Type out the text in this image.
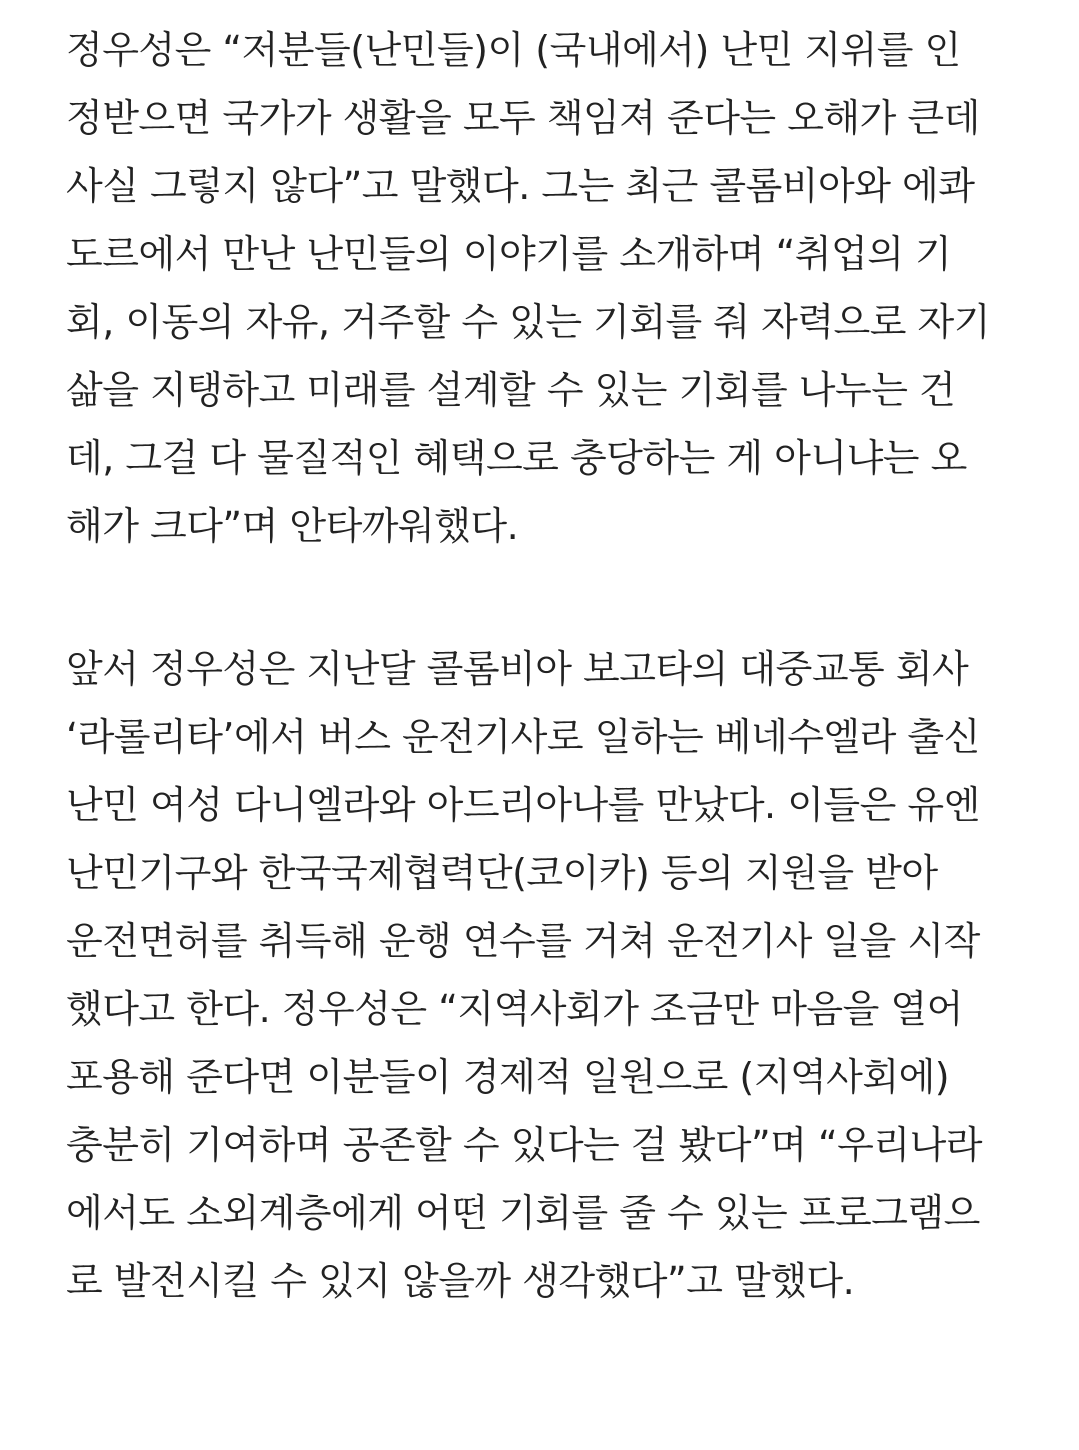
정우성은 “저분들(난민들)이 (국내에서) 난민 지위를 인
정받으면 국가가 생활을 모두 책임져 준다는 오해가 큰데
사실 그렇지 않다”고 말했다. 그는 최근 콜롬비아와 에콰
도르에서 만난 난민들의 이야기를 소개하며 “취업의 기
회, 이동의 자유, 거주할 수 있는 기회를 줘 자력으로 자기
삶을 지탱하고 미래를 설계할 수 있는 기회를 나누는 건
데, 그걸 다 물질적인 혜택으로 충당하는 게 아니냐는 오
해가 크다”며 안타까워했다.
앞서 정우성은 지난달 콜롬비아 보고타의 대중교통 회사
‘라롤리타’에서 버스 운전기사로 일하는 베네수엘라 출신
난민 여성 다니엘라와 아드리아나를 만났다. 이들은 유엔
난민기구와 한국국제협력단(코이카) 등의 지원을 받아
운전면허를 취득해 운행 연수를 거쳐 운전기사 일을 시작
했다고 한다. 정우성은 “지역사회가 조금만 마음을 열어
포용해 준다면 이분들이 경제적 일원으로 (지역사회에)
충분히 기여하며 공존할 수 있다는 걸 봤다”며 “우리나라
에서도 소외계층에게 어떤 기회를 줄 수 있는 프로그램으
로 발전시킬 수 있지 않을까 생각했다”고 말했다.
